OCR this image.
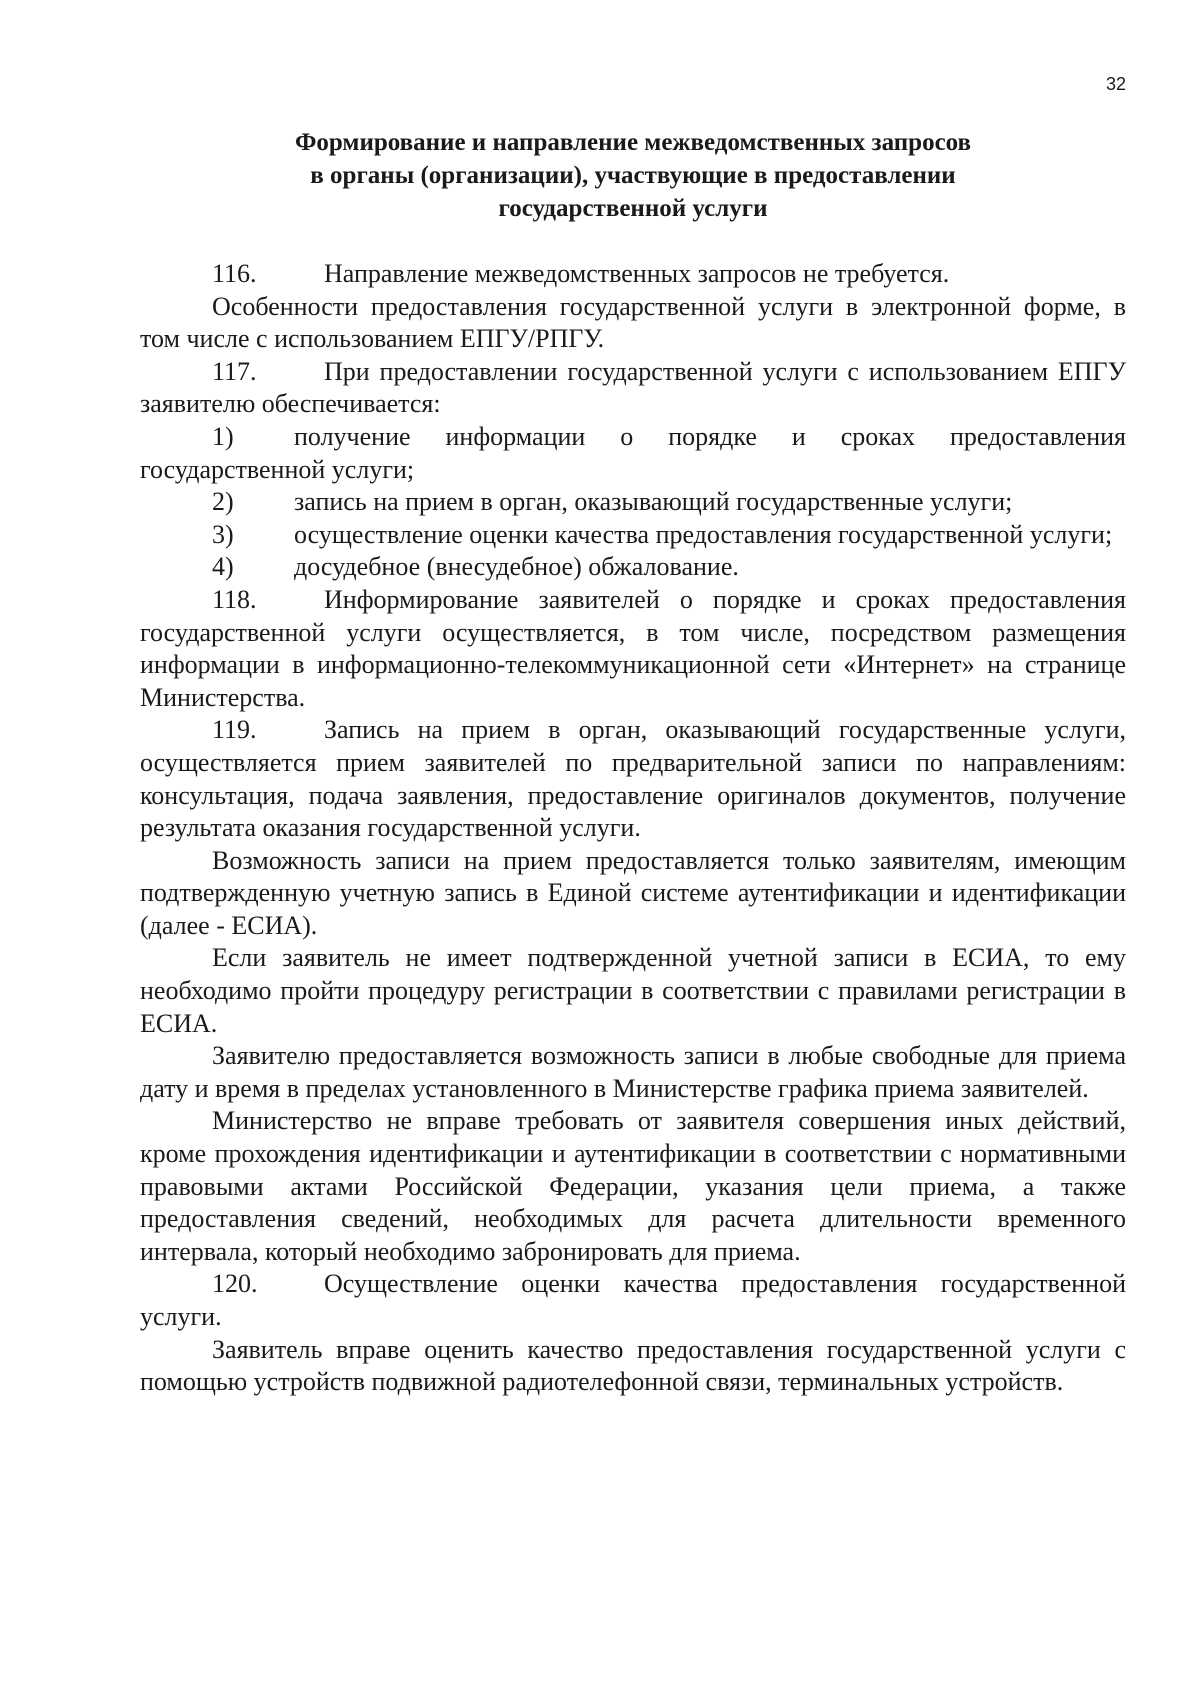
32
Формирование и направление межведомственных запросов
в органы (организации), участвующие в предоставлении
государственной услуги

116.	Направление межведомственных запросов не требуется.

Особенности предоставления государственной услуги в электронной форме, в том числе с использованием ЕПГУ/РПГУ.

117.	При предоставлении государственной услуги с использованием ЕПГУ заявителю обеспечивается:

1) получение информации о порядке и сроках предоставления государственной услуги;

2) запись на прием в орган, оказывающий государственные услуги;

3) осуществление оценки качества предоставления государственной услуги;

4) досудебное (внесудебное) обжалование.

118.	Информирование заявителей о порядке и сроках предоставления государственной услуги осуществляется, в том числе, посредством размещения информации в информационно-телекоммуникационной сети «Интернет» на странице Министерства.

119.	Запись на прием в орган, оказывающий государственные услуги, осуществляется прием заявителей по предварительной записи по направлениям: консультация, подача заявления, предоставление оригиналов документов, получение результата оказания государственной услуги.

Возможность записи на прием предоставляется только заявителям, имеющим подтвержденную учетную запись в Единой системе аутентификации и идентификации (далее - ЕСИА).

Если заявитель не имеет подтвержденной учетной записи в ЕСИА, то ему необходимо пройти процедуру регистрации в соответствии с правилами регистрации в ЕСИА.

Заявителю предоставляется возможность записи в любые свободные для приема дату и время в пределах установленного в Министерстве графика приема заявителей.

Министерство не вправе требовать от заявителя совершения иных действий, кроме прохождения идентификации и аутентификации в соответствии с нормативными правовыми актами Российской Федерации, указания цели приема, а также предоставления сведений, необходимых для расчета длительности временного интервала, который необходимо забронировать для приема.

120.	Осуществление оценки качества предоставления государственной услуги.

Заявитель вправе оценить качество предоставления государственной услуги с помощью устройств подвижной радиотелефонной связи, терминальных устройств.
